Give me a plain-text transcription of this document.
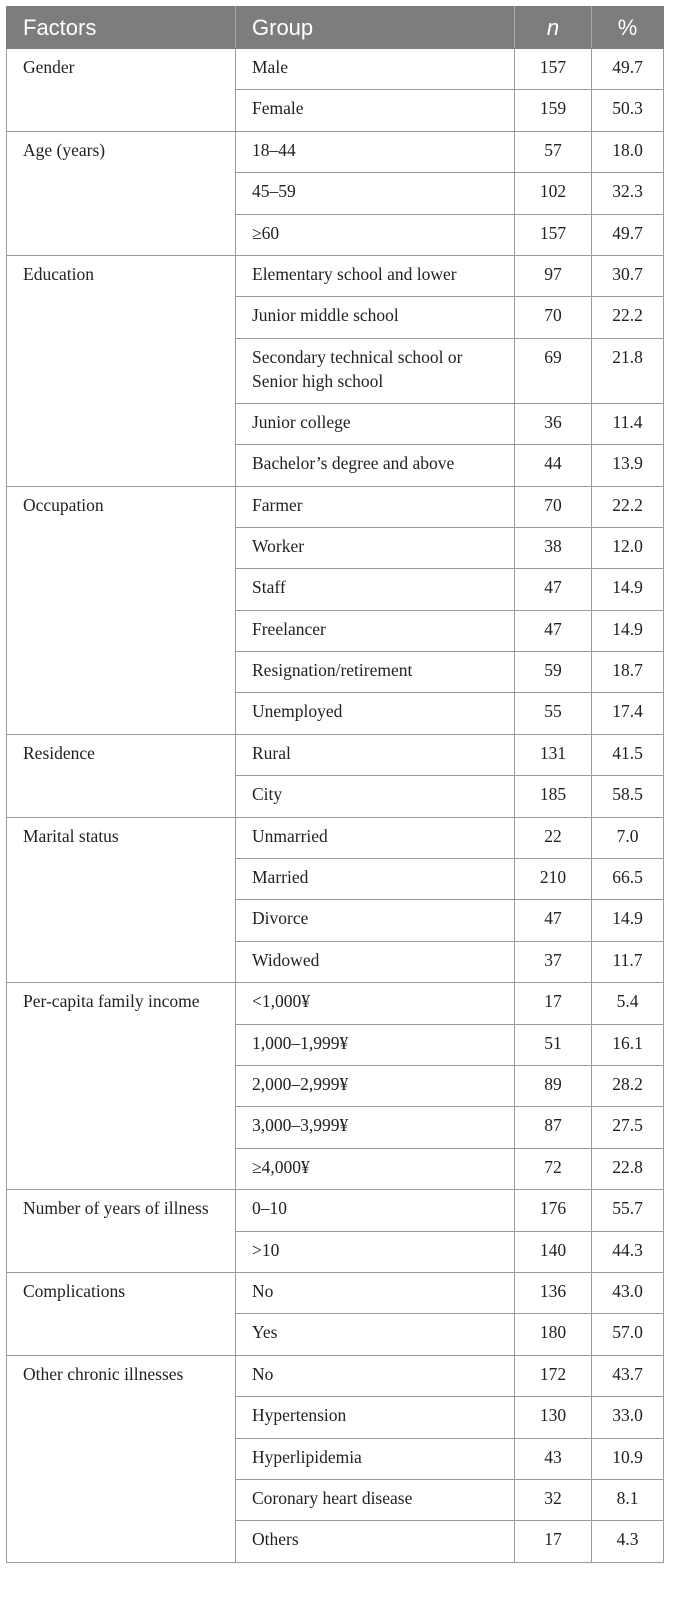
Factors	Group	n	%
Gender	Male	157	49.7
	Female	159	50.3
Age (years)	18–44	57	18.0
	45–59	102	32.3
	≥60	157	49.7
Education	Elementary school and lower	97	30.7
	Junior middle school	70	22.2
	Secondary technical school or Senior high school	69	21.8
	Junior college	36	11.4
	Bachelor’s degree and above	44	13.9
Occupation	Farmer	70	22.2
	Worker	38	12.0
	Staff	47	14.9
	Freelancer	47	14.9
	Resignation/retirement	59	18.7
	Unemployed	55	17.4
Residence	Rural	131	41.5
	City	185	58.5
Marital status	Unmarried	22	7.0
	Married	210	66.5
	Divorce	47	14.9
	Widowed	37	11.7
Per-capita family income	<1,000¥	17	5.4
	1,000–1,999¥	51	16.1
	2,000–2,999¥	89	28.2
	3,000–3,999¥	87	27.5
	≥4,000¥	72	22.8
Number of years of illness	0–10	176	55.7
	>10	140	44.3
Complications	No	136	43.0
	Yes	180	57.0
Other chronic illnesses	No	172	43.7
	Hypertension	130	33.0
	Hyperlipidemia	43	10.9
	Coronary heart disease	32	8.1
	Others	17	4.3
